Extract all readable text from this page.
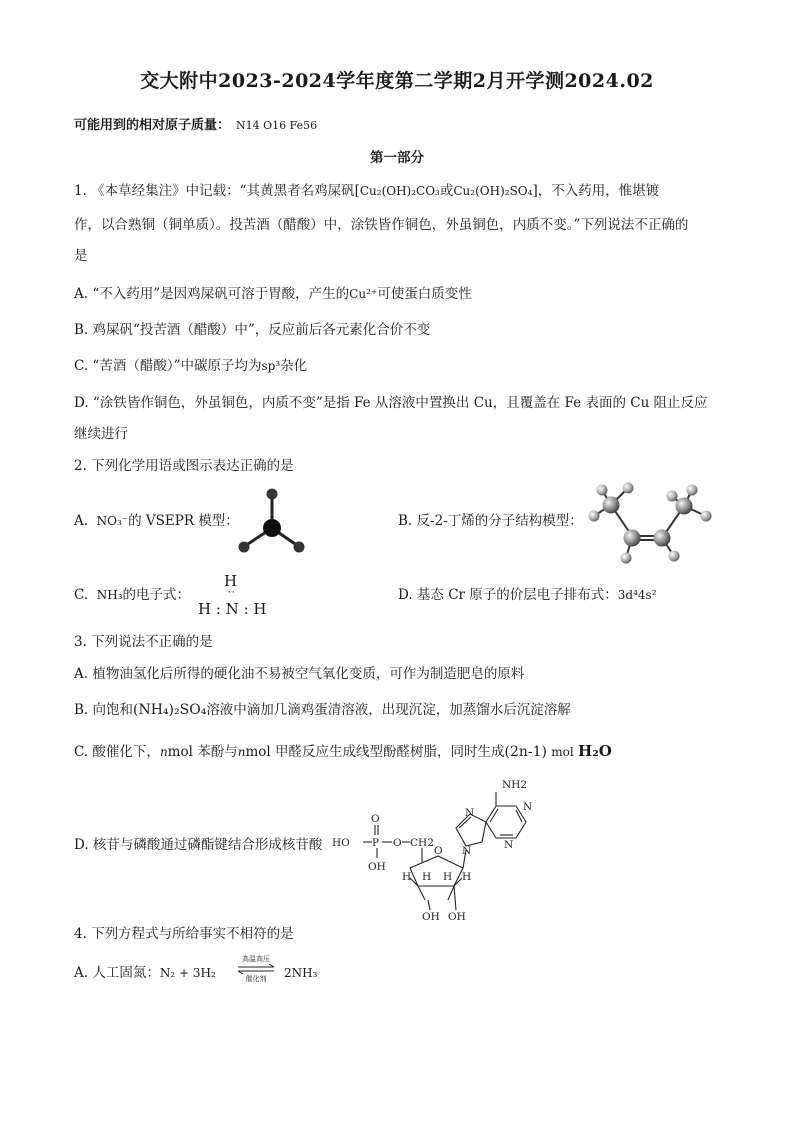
交大附中2023-2024学年度第二学期2月开学测2024.02
可能用到的相对原子质量： N14 O16 Fe56
第一部分
1. 《本草经集注》中记载：“其黄黑者名鸡屎矾[Cu₂(OH)₂CO₃或Cu₂(OH)₂SO₄]，不入药用，惟堪镀
作，以合熟铜（铜单质）。投苦酒（醋酸）中，涂铁皆作铜色，外虽铜色，内质不变。”下列说法不正确的
是
A. “不入药用”是因鸡屎矾可溶于胃酸，产生的Cu²⁺可使蛋白质变性
B. 鸡屎矾“投苦酒（醋酸）中”，反应前后各元素化合价不变
C. “苦酒（醋酸）”中碳原子均为sp³杂化
D. “涂铁皆作铜色，外虽铜色，内质不变”是指 Fe 从溶液中置换出 Cu，且覆盖在 Fe 表面的 Cu 阻止反应
继续进行
2. 下列化学用语或图示表达正确的是
A. NO₃⁻的 VSEPR 模型：	B. 反-2-丁烯的分子结构模型：
C. NH₃的电子式：
H
··
H : N : H
D. 基态 Cr 原子的价层电子排布式：3d⁴4s²
3. 下列说法不正确的是
A. 植物油氢化后所得的硬化油不易被空气氧化变质，可作为制造肥皂的原料
B. 向饱和(NH₄)₂SO₄溶液中滴加几滴鸡蛋清溶液，出现沉淀，加蒸馏水后沉淀溶解
C. 酸催化下，nmol 苯酚与nmol 甲醛反应生成线型酚醛树脂，同时生成(2n-1) mol H₂O
D. 核苷与磷酸通过磷酯键结合形成核苷酸 HO P
O
OH
O CH2
O
H H H H
OH OH
N
N	N
N
NH2
4. 下列方程式与所给事实不相符的是
A. 人工固氮：N₂ + 3H₂
高温高压
催化剂	2NH₃
